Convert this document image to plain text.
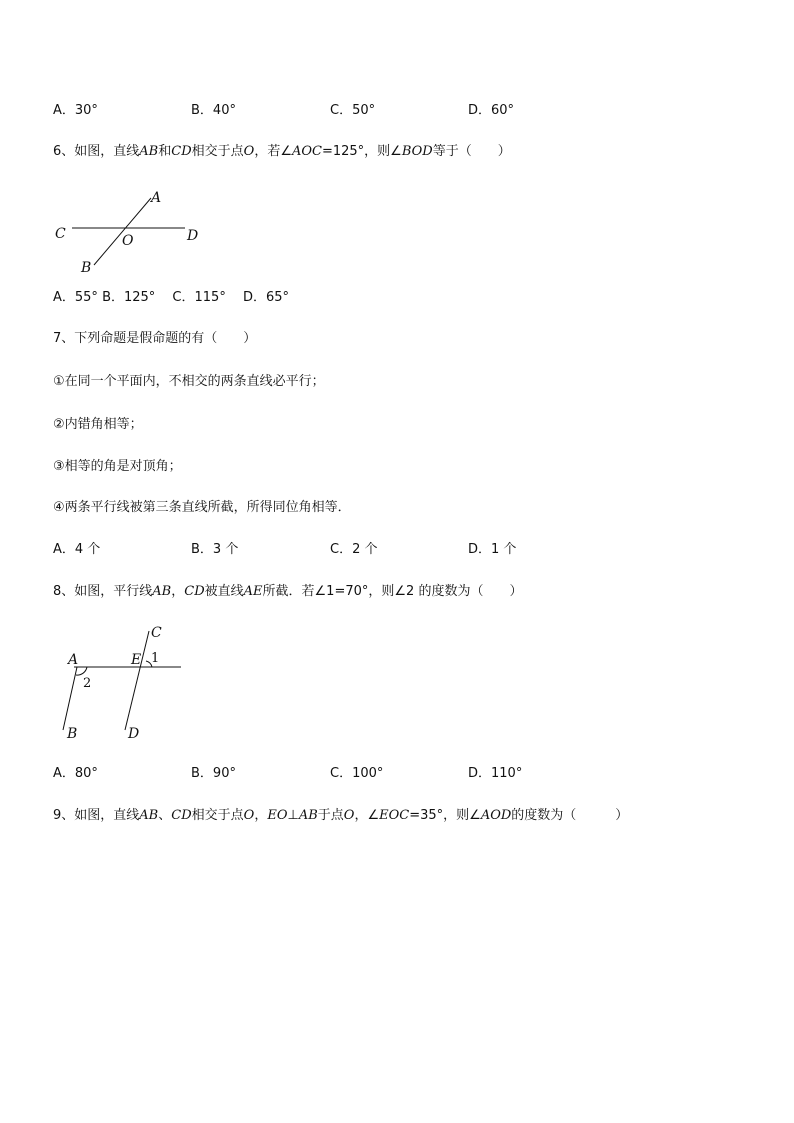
A．30°	B．40°	C．50°	D．60°
6、如图，直线AB和CD相交于点O，若∠AOC=125°，则∠BOD等于（　　）
A
C	O	D
B
A．55° B．125°　 C．115°　 D．65°
7、下列命题是假命题的有（　　）
①在同一个平面内，不相交的两条直线必平行；
②内错角相等；
③相等的角是对顶角；
④两条平行线被第三条直线所截，所得同位角相等．
A．4 个	B．3 个	C．2 个	D．1 个
8、如图，平行线AB，CD被直线AE所截．若∠1=70°，则∠2 的度数为（　　）
C
A	E 1
2
B	D
A．80°	B．90°	C．100°	D．110°
9、如图，直线AB、CD相交于点O，EO⊥AB于点O，∠EOC=35°，则∠AOD的度数为（　　　）
